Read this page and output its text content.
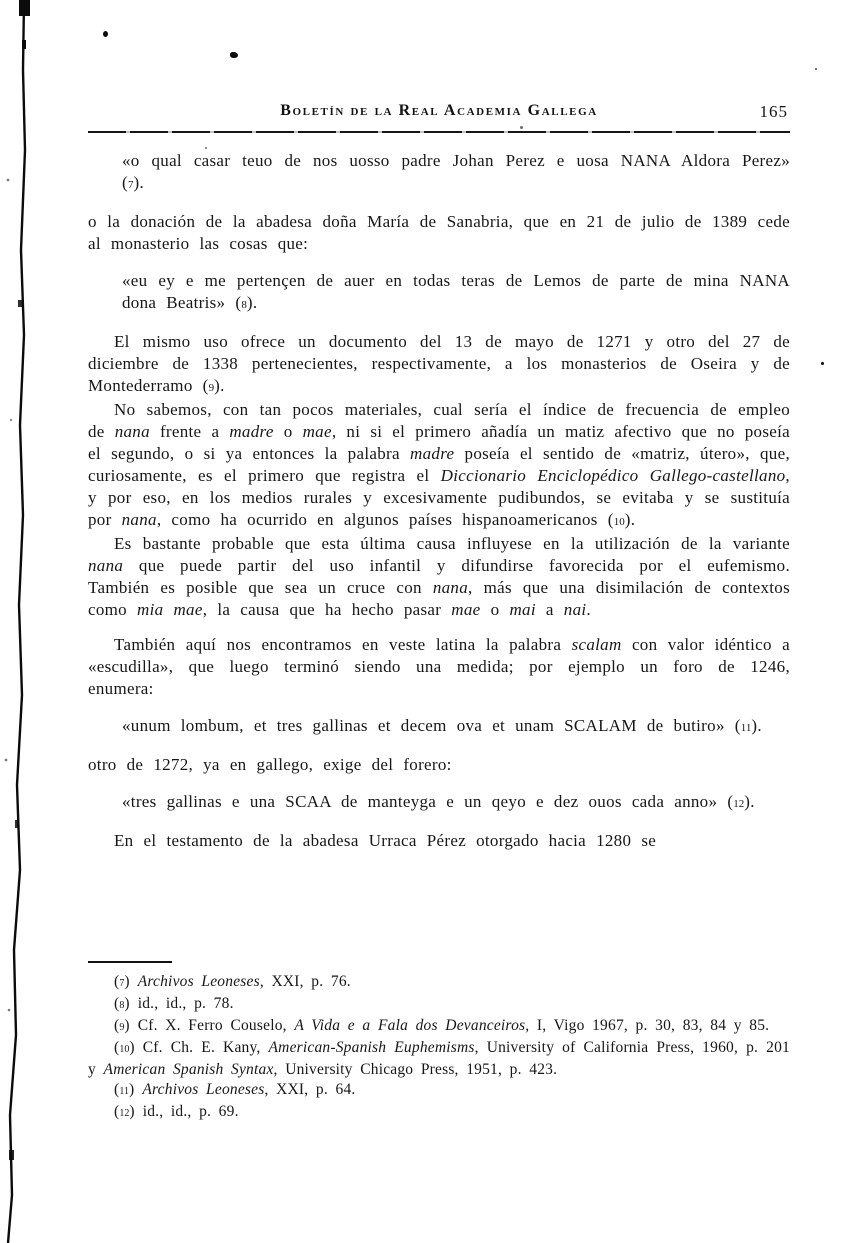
Boletín de la Real Academia Gallega	165

«o qual casar teuo de nos uosso padre Johan Perez e uosa NANA Aldora Perez» (7).

o la donación de la abadesa doña María de Sanabria, que en 21 de julio de 1389 cede al monasterio las cosas que:

«eu ey e me pertençen de auer en todas teras de Lemos de parte de mina NANA dona Beatris» (8).

El mismo uso ofrece un documento del 13 de mayo de 1271 y otro del 27 de diciembre de 1338 pertenecientes, respectivamente, a los monasterios de Oseira y de Montederramo (9).

No sabemos, con tan pocos materiales, cual sería el índice de frecuencia de empleo de nana frente a madre o mae, ni si el primero añadía un matiz afectivo que no poseía el segundo, o si ya entonces la palabra madre poseía el sentido de «matriz, útero», que, curiosamente, es el primero que registra el Diccionario Enciclopédico Gallego-castellano, y por eso, en los medios rurales y excesivamente pudibundos, se evitaba y se sustituía por nana, como ha ocurrido en algunos países hispanoamericanos (10).

Es bastante probable que esta última causa influyese en la utilización de la variante nana que puede partir del uso infantil y difundirse favorecida por el eufemismo. También es posible que sea un cruce con nana, más que una disimilación de contextos como mia mae, la causa que ha hecho pasar mae o mai a nai.

También aquí nos encontramos en veste latina la palabra scalam con valor idéntico a «escudilla», que luego terminó siendo una medida; por ejemplo un foro de 1246, enumera:

«unum lombum, et tres gallinas et decem ova et unam SCALAM de butiro» (11).

otro de 1272, ya en gallego, exige del forero:

«tres gallinas e una SCAA de manteyga e un qeyo e dez ouos cada anno» (12).

En el testamento de la abadesa Urraca Pérez otorgado hacia 1280 se

(7)  Archivos Leoneses, XXI, p. 76.

(8) id., id., p. 78.

(9) Cf. X. Ferro Couselo, A Vida e a Fala dos Devanceiros, I, Vigo 1967, p. 30, 83, 84 y 85.

(10) Cf. Ch. E. Kany, American-Spanish Euphemisms, University of California Press, 1960, p. 201 y American Spanish Syntax, University Chicago Press, 1951, p. 423.

(11)  Archivos Leoneses, XXI, p. 64.

(12) id., id., p. 69.
